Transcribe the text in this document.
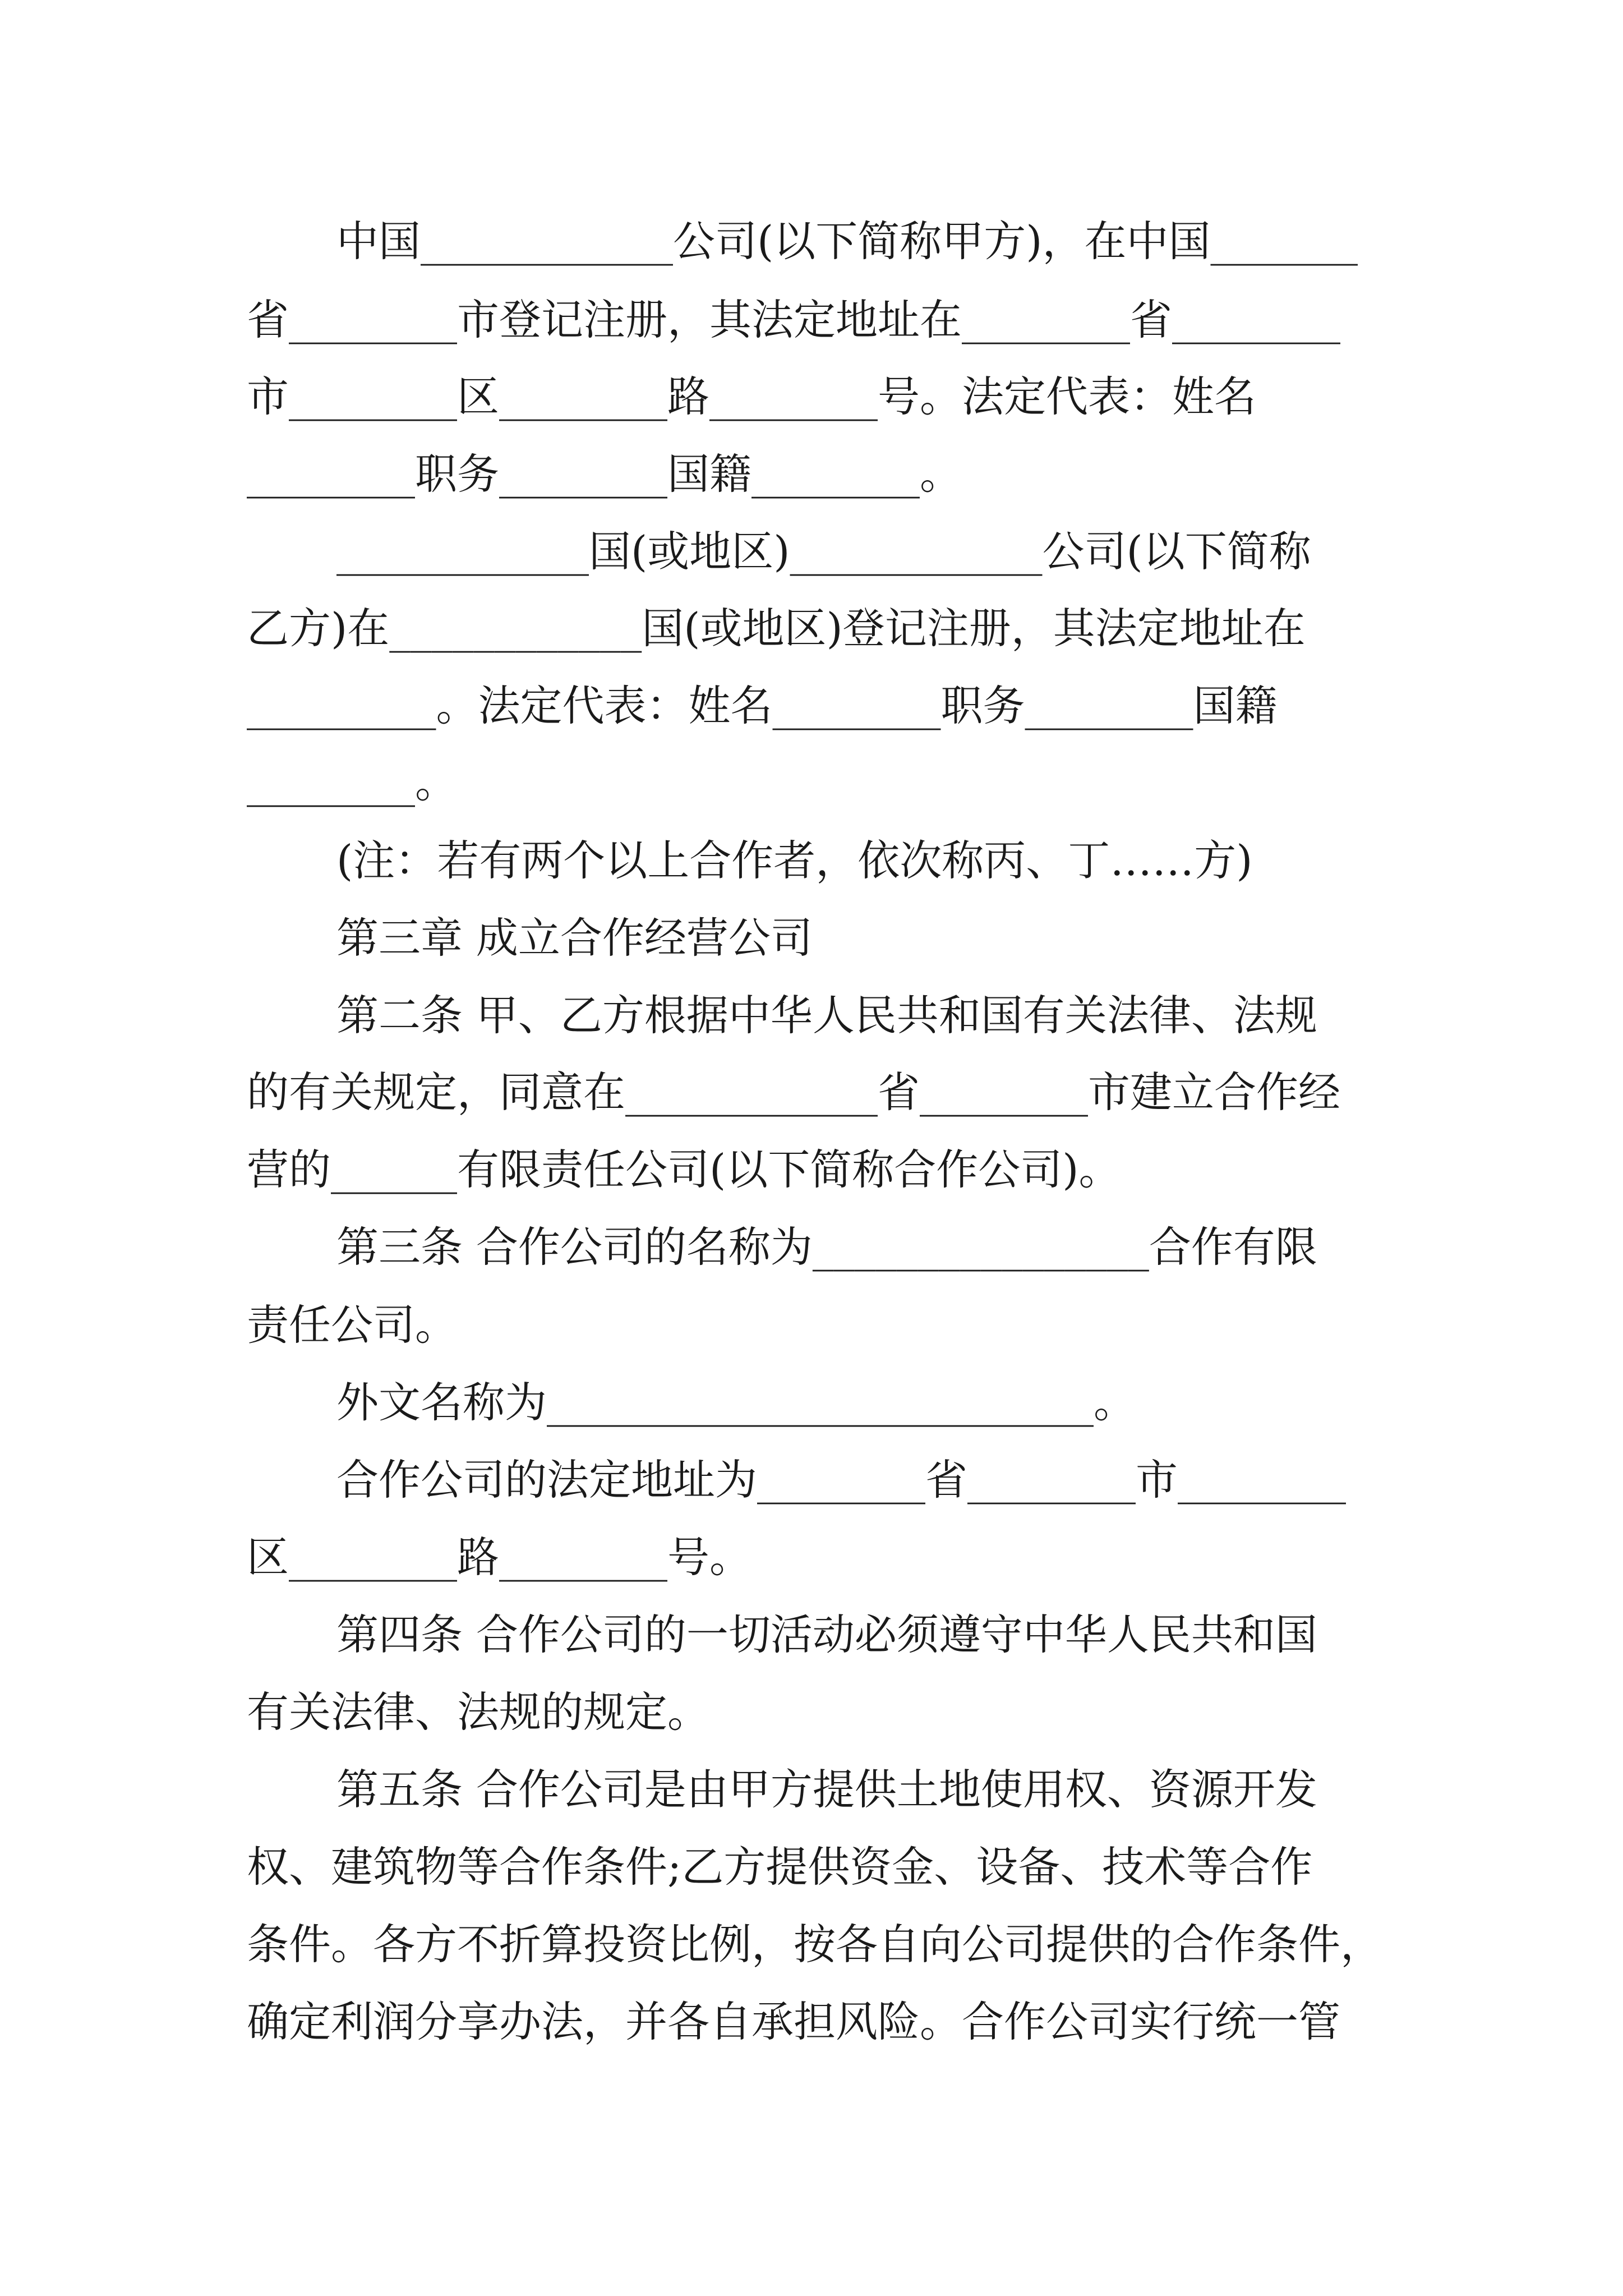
中国____________公司(以下简称甲方)，在中国_______
省________市登记注册，其法定地址在________省________
市________区________路________号。法定代表：姓名
________职务________国籍________。
____________国(或地区)____________公司(以下简称
乙方)在____________国(或地区)登记注册，其法定地址在
_________。法定代表：姓名________职务________国籍
________。
(注：若有两个以上合作者，依次称丙、丁……方)
第三章 成立合作经营公司
第二条 甲、乙方根据中华人民共和国有关法律、法规
的有关规定，同意在____________省________市建立合作经
营的______有限责任公司(以下简称合作公司)。
第三条 合作公司的名称为________________合作有限
责任公司。
外文名称为__________________________。
合作公司的法定地址为________省________市________
区________路________号。
第四条 合作公司的一切活动必须遵守中华人民共和国
有关法律、法规的规定。
第五条 合作公司是由甲方提供土地使用权、资源开发
权、建筑物等合作条件;乙方提供资金、设备、技术等合作
条件。各方不折算投资比例，按各自向公司提供的合作条件，
确定利润分享办法，并各自承担风险。合作公司实行统一管
